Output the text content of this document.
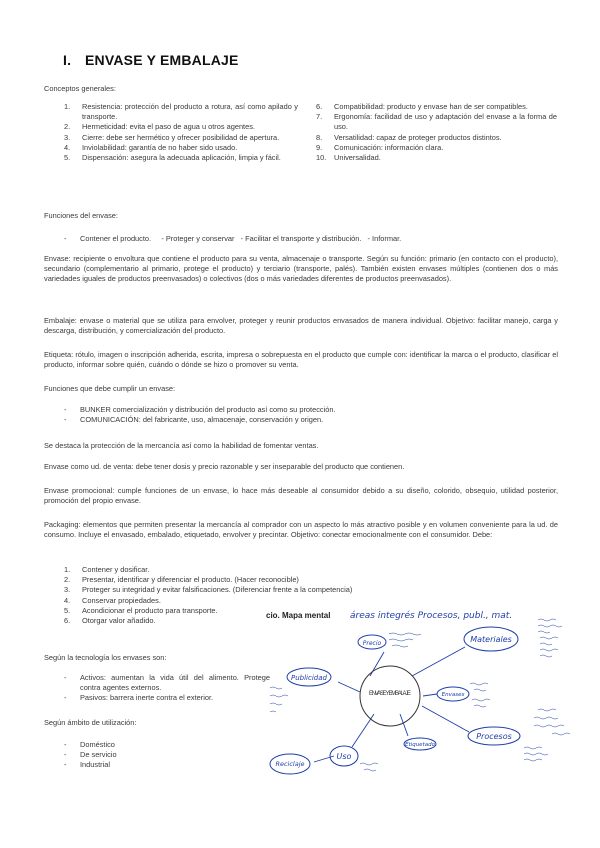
I. ENVASE Y EMBALAJE

Conceptos generales:

1.	Resistencia: protección del producto a rotura, así como apilado y transporte.
2.	Hermeticidad: evita el paso de agua u otros agentes.
3.	Cierre: debe ser hermético y ofrecer posibilidad de apertura.
4.	Inviolabilidad: garantía de no haber sido usado.
5.	Dispensación: asegura la adecuada aplicación, limpia y fácil.
6.	Compatibilidad: producto y envase han de ser compatibles.
7.	Ergonomía: facilidad de uso y adaptación del envase a la forma de uso.
8.	Versatilidad: capaz de proteger productos distintos.
9.	Comunicación: información clara.
10.	Universalidad.

Funciones del envase:

-	Contener el producto.     - Proteger y conservar   - Facilitar el transporte y distribución.   - Informar.

Envase: recipiente o envoltura que contiene el producto para su venta, almacenaje o transporte. Según su función: primario (en contacto con el producto), secundario (complementario al primario, protege el producto) y terciario (transporte, palés). También existen envases múltiples (contienen dos o más variedades iguales de productos preenvasados) o colectivos (dos o más variedades diferentes de productos preenvasados).

Embalaje: envase o material que se utiliza para envolver, proteger y reunir productos envasados de manera individual. Objetivo: facilitar manejo, carga y descarga, distribución, y comercialización del producto.

Etiqueta: rótulo, imagen o inscripción adherida, escrita, impresa o sobrepuesta en el producto que cumple con: identificar la marca o el producto, clasificar el producto, informar sobre quién, cuándo o dónde se hizo o promover su venta.

Funciones que debe cumplir un envase:

-	BUNKER comercialización y distribución del producto así como su protección.
-	COMUNICACIÓN: del fabricante, uso, almacenaje, conservación y origen.

Se destaca la protección de la mercancía así como la habilidad de fomentar ventas.

Envase como ud. de venta: debe tener dosis y precio razonable y ser inseparable del producto que contienen.

Envase promocional: cumple funciones de un envase, lo hace más deseable al consumidor debido a su diseño, colorido, obsequio, utilidad posterior, promoción del propio envase.

Packaging: elementos que permiten presentar la mercancía al comprador con un aspecto lo más atractivo posible y en volumen conveniente para la ud. de consumo. Incluye el envasado, embalado, etiquetado, envolver y precintar. Objetivo: conectar emocionalmente con el consumidor. Debe:

1.	Contener y dosificar.
2.	Presentar, identificar y diferenciar el producto. (Hacer reconocible)
3.	Proteger su integridad y evitar falsificaciones. (Diferenciar frente a la competencia)
4.	Conservar propiedades.
5.	Acondicionar el producto para transporte.
6.	Otorgar valor añadido.

Según la tecnología los envases son:

-	Activos: aumentan la vida útil del alimento. Protege contra agentes externos.
-	Pasivos: barrera inerte contra el exterior.

Según ámbito de utilización:

-	Doméstico
-	De servicio
-	Industrial
cio. Mapa mental áreas integrés Procesos, publ., mat.
ENVASE Y EMBALAJE
Precio	Materiales
Publicidad
Envases
Procesos
Etiquetado
Uso
Reciclaje
